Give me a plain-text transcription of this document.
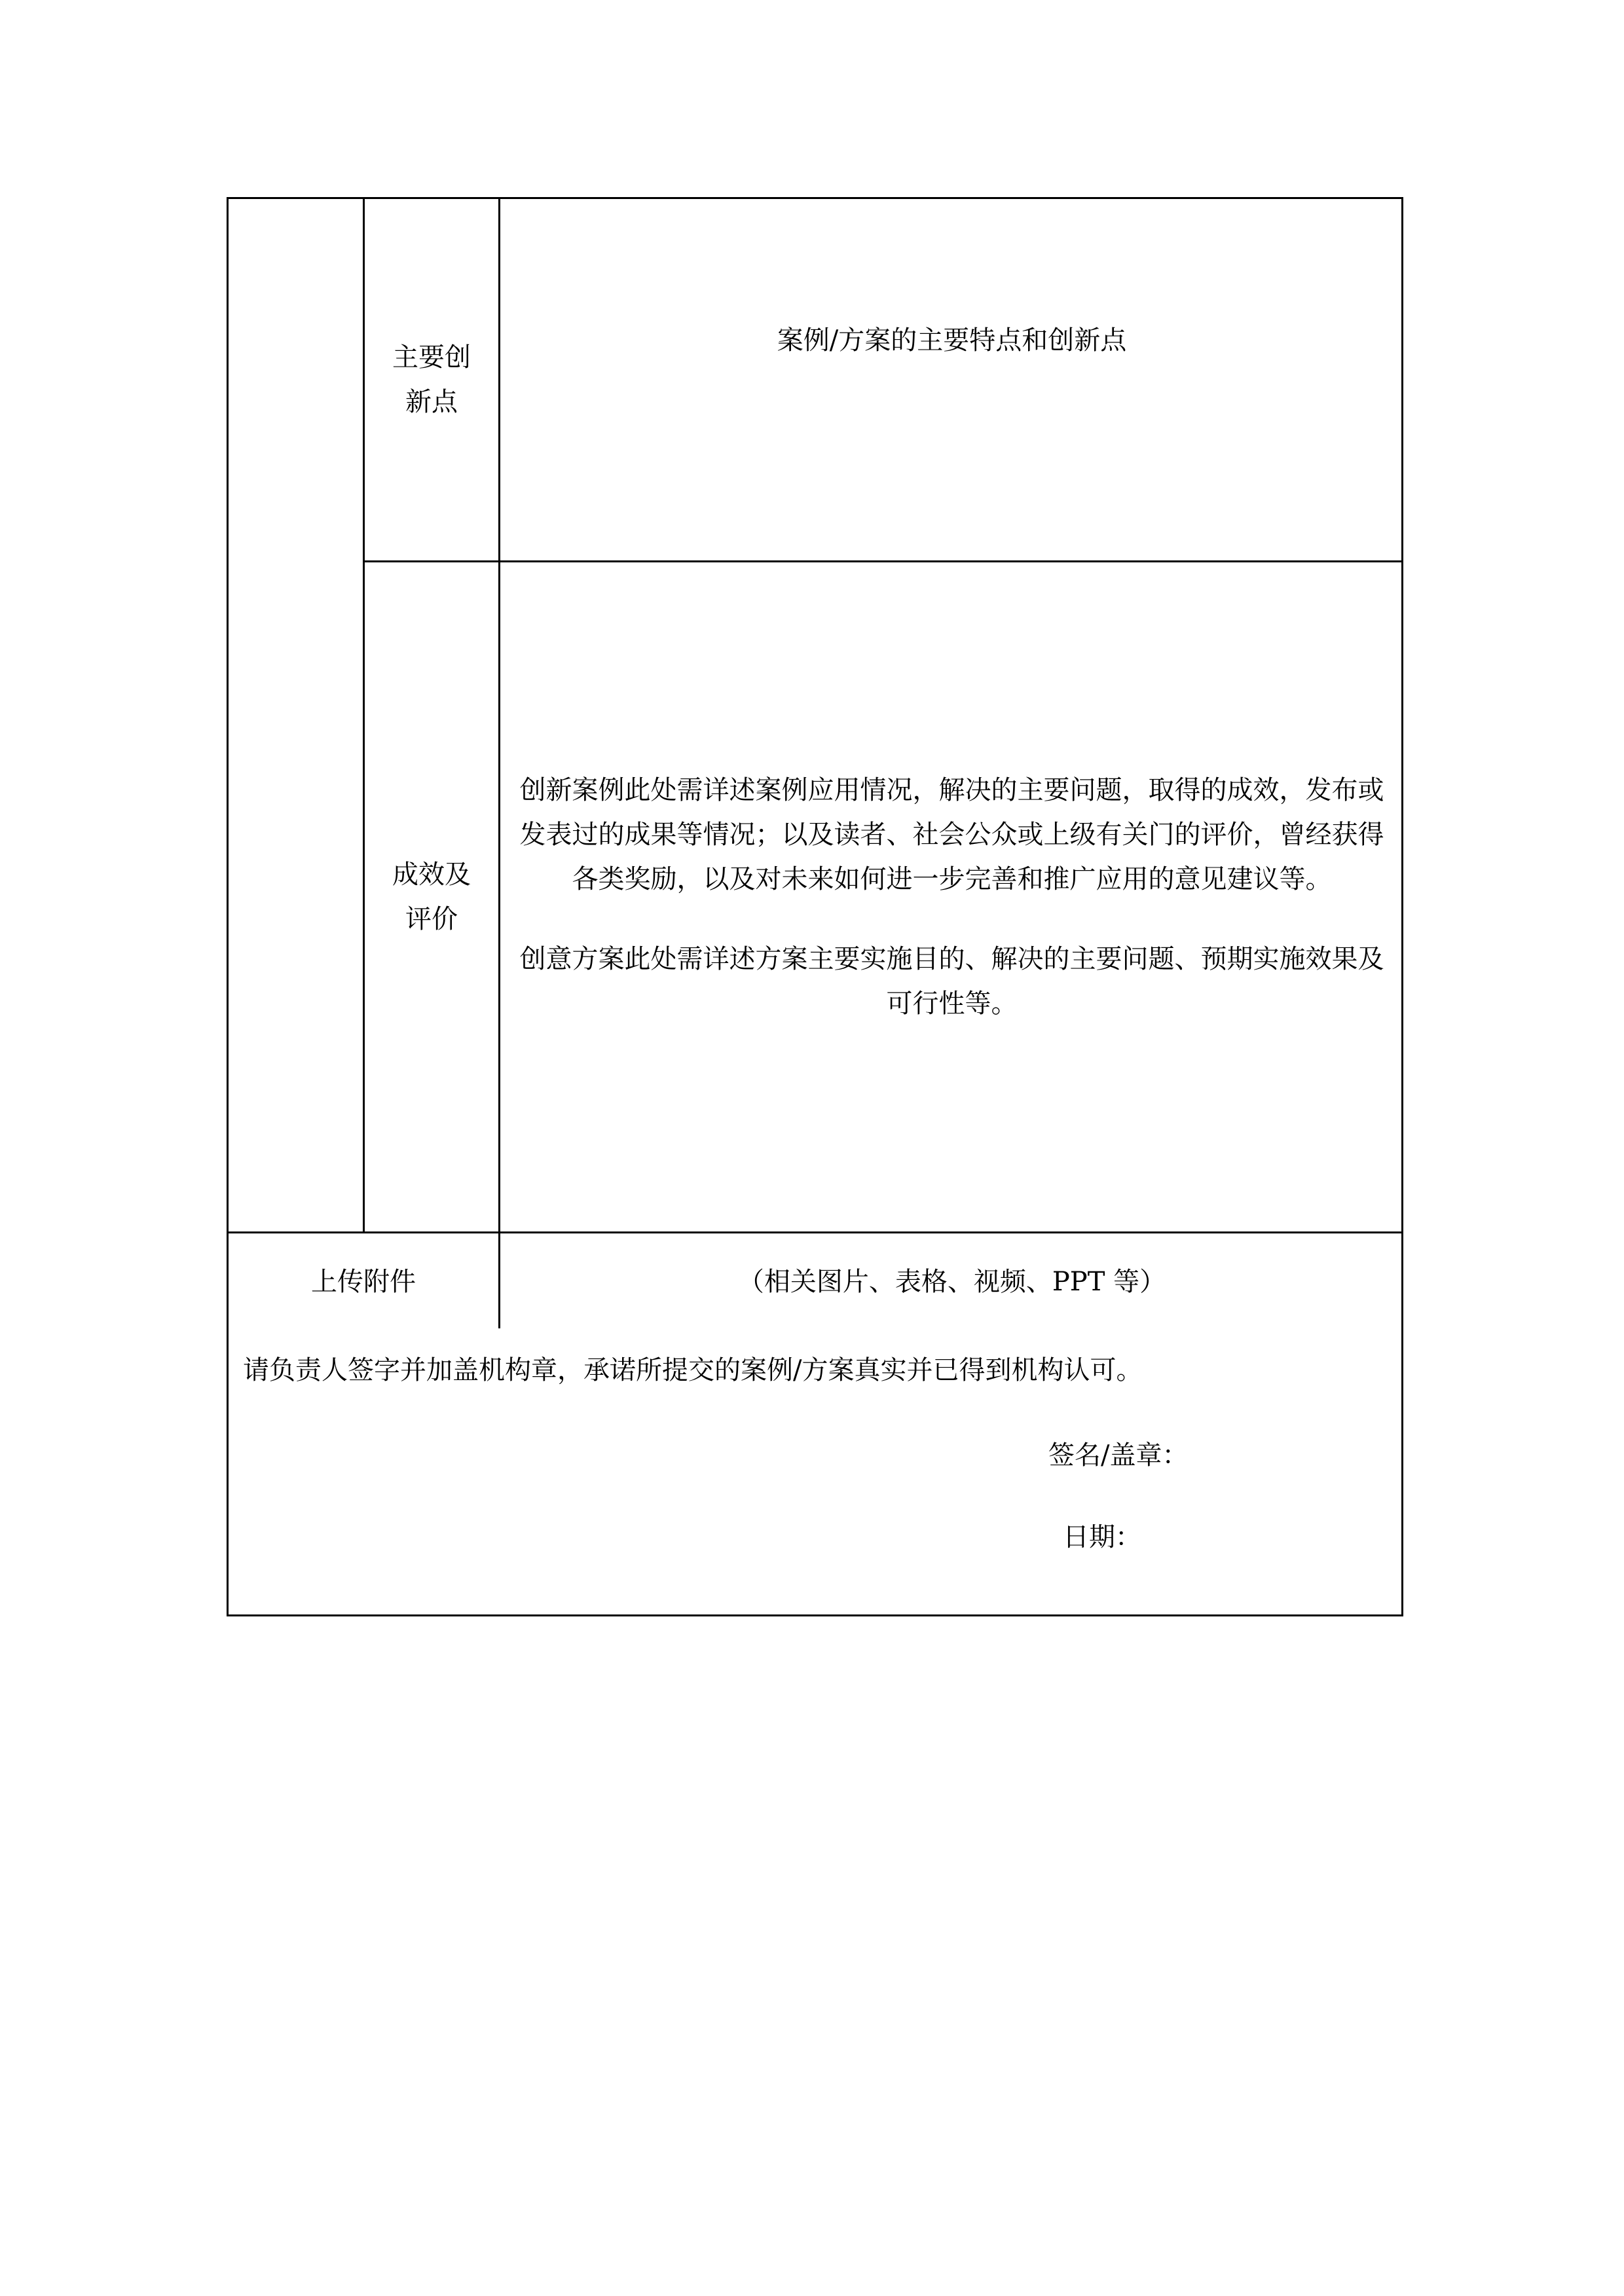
主要创
新点
案例/方案的主要特点和创新点
成效及
评价

创新案例此处需详述案例应用情况，解决的主要问题，取得的成效，发布或发表过的成果等情况；以及读者、社会公众或上级有关门的评价，曾经获得各类奖励，以及对未来如何进一步完善和推广应用的意见建议等。

创意方案此处需详述方案主要实施目的、解决的主要问题、预期实施效果及可行性等。

上传附件	（相关图片、表格、视频、PPT 等）
请负责人签字并加盖机构章，承诺所提交的案例/方案真实并已得到机构认可。
签名/盖章：
日期：
